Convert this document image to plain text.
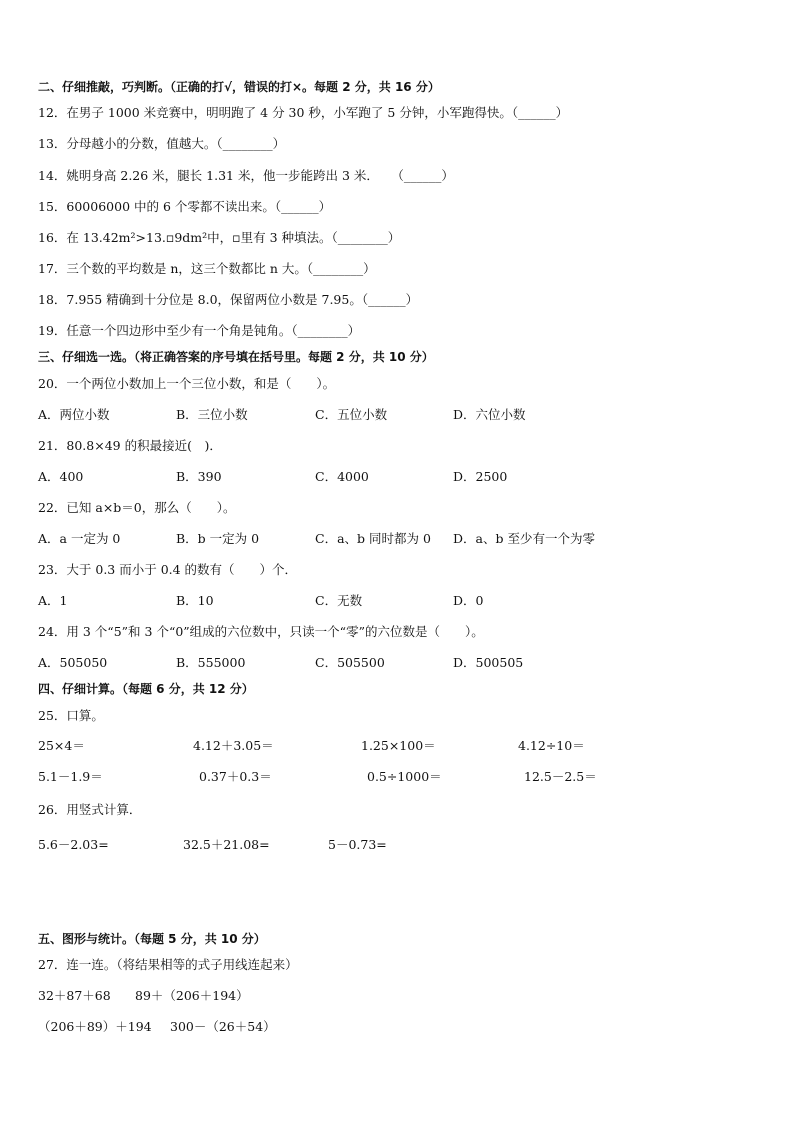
二、仔细推敲，巧判断。（正确的打√，错误的打×。每题 2 分，共 16 分）
12．在男子 1000 米竞赛中，明明跑了 4 分 30 秒，小军跑了 5 分钟，小军跑得快。（______）
13．分母越小的分数，值越大。（________）
14．姚明身高 2.26 米，腿长 1.31 米，他一步能跨出 3 米．　　（______）
15．60006000 中的 6 个零都不读出来。（______）
16．在 13.42m²>13.▫9dm²中，▫里有 3 种填法。（________）
17．三个数的平均数是 n，这三个数都比 n 大。（________）
18．7.955 精确到十分位是 8.0，保留两位小数是 7.95。（______）
19．任意一个四边形中至少有一个角是钝角。（________）
三、仔细选一选。（将正确答案的序号填在括号里。每题 2 分，共 10 分）
20．一个两位小数加上一个三位小数，和是（　　）。
A．两位小数	B．三位小数	C．五位小数	D．六位小数
21．80.8×49 的积最接近(　)．
A．400	B．390	C．4000	D．2500
22．已知 a×b＝0，那么（　　）。
A．a 一定为 0	B．b 一定为 0	C．a、b 同时都为 0 D．a、b 至少有一个为零
23．大于 0.3 而小于 0.4 的数有（　　）个．
A．1	B．10	C．无数	D．0
24．用 3 个“5”和 3 个“0”组成的六位数中，只读一个“零”的六位数是（　　）。
A．505050	B．555000	C．505500	D．500505
四、仔细计算。（每题 6 分，共 12 分）
25．口算。
25×4＝	4.12＋3.05＝	1.25×100＝	4.12÷10＝
5.1－1.9＝	0.37＋0.3＝	0.5÷1000＝	12.5－2.5＝
26．用竖式计算．
5.6－2.03=	32.5＋21.08=	5－0.73=
五、图形与统计。（每题 5 分，共 10 分）
27．连一连。（将结果相等的式子用线连起来）
32＋87＋68 89＋（206＋194）
（206＋89）＋194 300－（26＋54）
